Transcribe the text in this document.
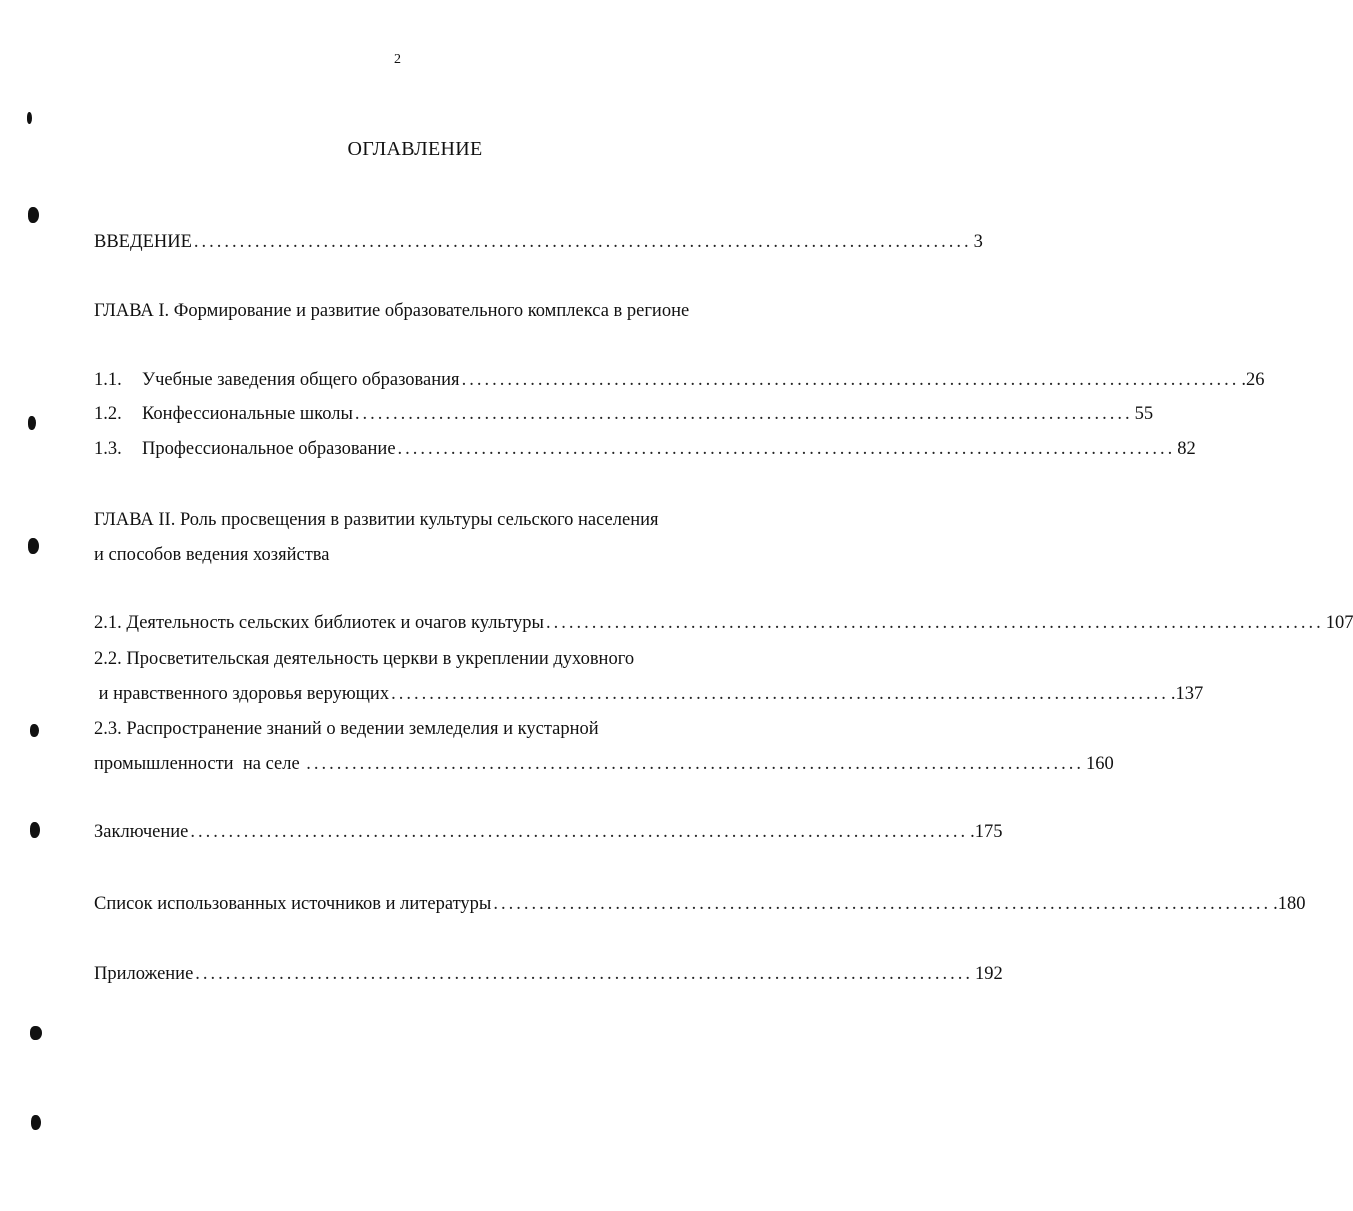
2
ОГЛАВЛЕНИЕ
ВВЕДЕНИЕ ...................................................................................................... 3
ГЛАВА I. Формирование и развитие образовательного комплекса в регионе
1.1.	Учебные заведения общего образования ...................................................................................................... .26
1.2.	Конфессиональные школы ...................................................................................................... 55
1.3.	Профессиональное образование ...................................................................................................... 82
ГЛАВА II. Роль просвещения в развитии культуры сельского населения
и способов ведения хозяйства
2.1. Деятельность сельских библиотек и очагов культуры ...................................................................................................... 107
2.2. Просветительская деятельность церкви в укреплении духовного
и нравственного здоровья верующих ...................................................................................................... .137
2.3. Распространение знаний о ведении земледелия и кустарной
промышленности  на селе ...................................................................................................... 160
Заключение ...................................................................................................... .175
Список использованных источников и литературы ...................................................................................................... .180
Приложение ...................................................................................................... 192
